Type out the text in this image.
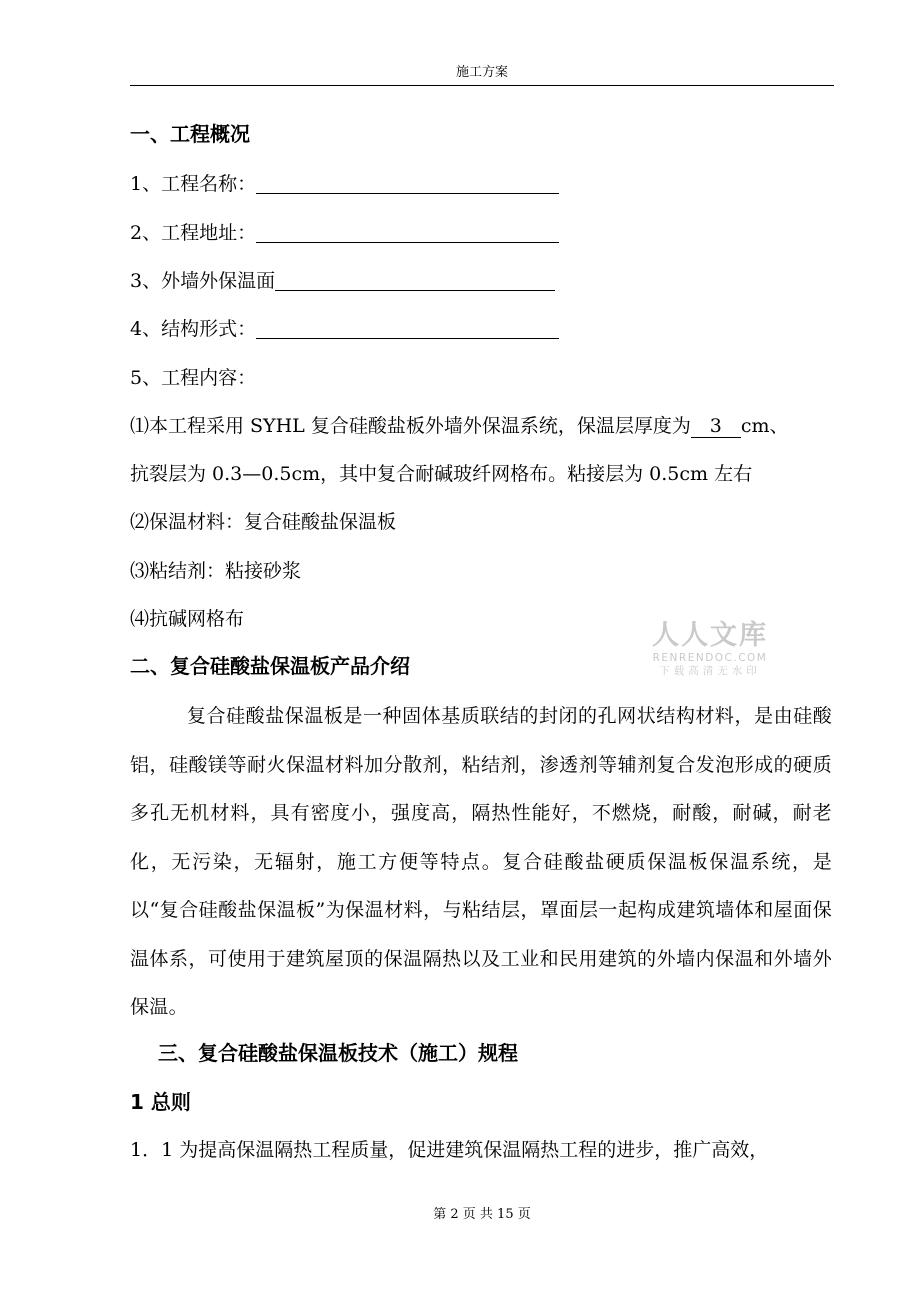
施工方案
一、工程概况
1、工程名称：
2、工程地址：
3、外墙外保温面
4、结构形式：
5、工程内容：
⑴本工程采用 SYHL 复合硅酸盐板外墙外保温系统，保温层厚度为 3 cm、
抗裂层为 0.3—0.5cm，其中复合耐碱玻纤网格布。粘接层为 0.5cm 左右
⑵保温材料：复合硅酸盐保温板
⑶粘结剂：粘接砂浆
⑷抗碱网格布
二、复合硅酸盐保温板产品介绍
复合硅酸盐保温板是一种固体基质联结的封闭的孔网状结构材料，是由硅酸铝，硅酸镁等耐火保温材料加分散剂，粘结剂，渗透剂等辅剂复合发泡形成的硬质多孔无机材料，具有密度小，强度高，隔热性能好，不燃烧，耐酸，耐碱，耐老化，无污染，无辐射，施工方便等特点。复合硅酸盐硬质保温板保温系统，是以“复合硅酸盐保温板”为保温材料，与粘结层，罩面层一起构成建筑墙体和屋面保温体系，可使用于建筑屋顶的保温隔热以及工业和民用建筑的外墙内保温和外墙外保温。
三、复合硅酸盐保温板技术（施工）规程
1 总则
1．1 为提高保温隔热工程质量，促进建筑保温隔热工程的进步，推广高效，
人人文库
RENRENDOC.COM
下载高清无水印
第 2 页 共 15 页
